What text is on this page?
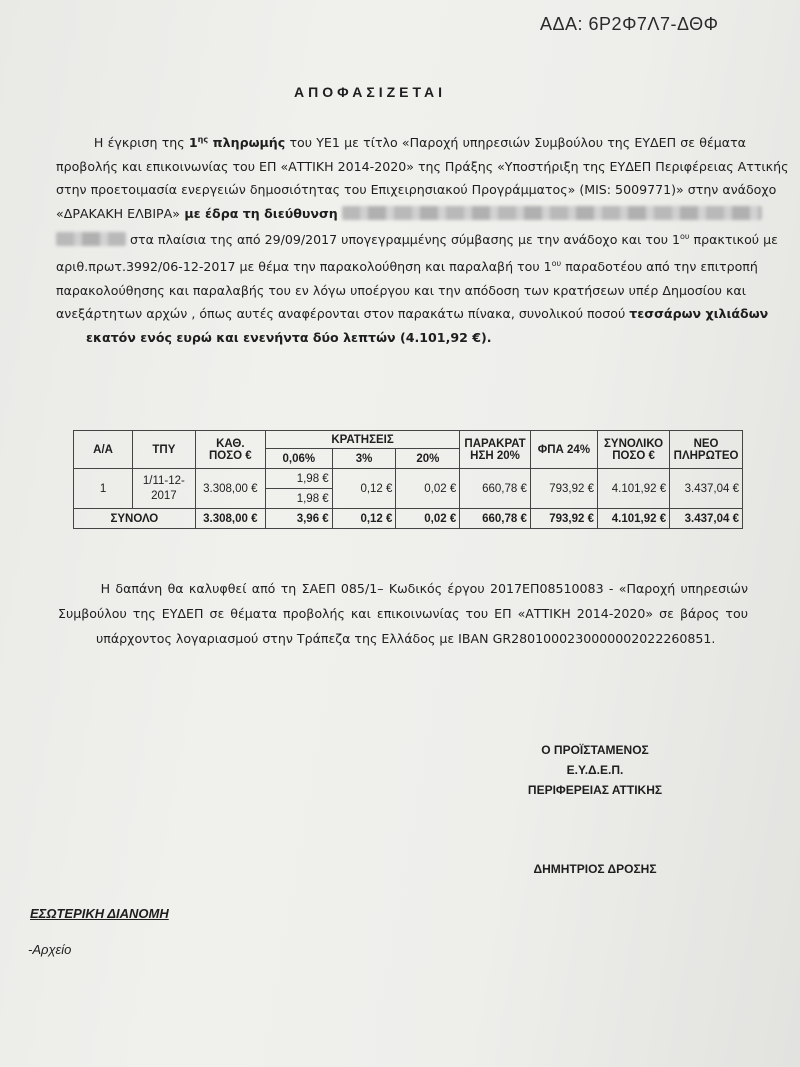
ΑΔΑ: 6Ρ2Φ7Λ7-ΔΘΦ
ΑΠΟΦΑΣΙΖΕΤΑΙ
Η έγκριση της $1^{\eta\varsigma}$ πληρωμής του ΥΕ1 με τίτλο «Παροχή υπηρεσιών Συμβούλου της ΕΥΔΕΠ σε θέματα
προβολής και επικοινωνίας του ΕΠ «ΑΤΤΙΚΗ 2014-2020» της Πράξης «Υποστήριξη της ΕΥΔΕΠ Περιφέρειας Αττικής
στην προετοιμασία ενεργειών δημοσιότητας του Επιχειρησιακού Προγράμματος» (MIS: 5009771)» στην ανάδοχο
«ΔΡΑΚΑΚΗ ΕΛΒΙΡΑ» με έδρα τη διεύθυνση
στα πλαίσια της από 29/09/2017 υπογεγραμμένης σύμβασης με την ανάδοχο και του $1^{o\upsilon}$ πρακτικού με
αριθ.πρωτ.3992/06-12-2017 με θέμα την παρακολούθηση και παραλαβή του $1^{o\upsilon}$ παραδοτέου από την επιτροπή
παρακολούθησης και παραλαβής του εν λόγω υποέργου και την απόδοση των κρατήσεων υπέρ Δημοσίου και
ανεξάρτητων αρχών , όπως αυτές αναφέρονται στον παρακάτω πίνακα, συνολικού ποσού τεσσάρων χιλιάδων
εκατόν ενός ευρώ και ενενήντα δύο λεπτών (4.101,92 €).
Α/Α	ΤΠΥ	ΚΑΘ. ΠΟΣΟ €	ΚΡΑΤΗΣΕΙΣ			ΠΑΡΑΚΡΑΤ ΗΣΗ 20%	ΦΠΑ 24%	ΣΥΝΟΛΙΚΟ ΠΟΣΟ €	ΝΕΟ ΠΛΗΡΩΤΕΟ
			0,06%	3%	20%				
1	1/11-12-2017	3.308,00 €	1,98 €	0,12 €	0,02 €	660,78 €	793,92 €	4.101,92 €	3.437,04 €
			1,98 €						
ΣΥΝΟΛΟ		3.308,00 €	3,96 €	0,12 €	0,02 €	660,78 €	793,92 €	4.101,92 €	3.437,04 €
Η δαπάνη θα καλυφθεί από τη ΣΑΕΠ 085/1– Κωδικός έργου 2017ΕΠ08510083 - «Παροχή υπηρεσιών
Συμβούλου της ΕΥΔΕΠ σε θέματα προβολής και επικοινωνίας του ΕΠ «ΑΤΤΙΚΗ 2014-2020» σε βάρος του
υπάρχοντος λογαριασμού στην Τράπεζα της Ελλάδος με IBAN GR2801000230000002022260851.
Ο ΠΡΟΪΣΤΑΜΕΝΟΣ
Ε.Υ.Δ.Ε.Π.
ΠΕΡΙΦΕΡΕΙΑΣ ΑΤΤΙΚΗΣ
ΔΗΜΗΤΡΙΟΣ ΔΡΟΣΗΣ
ΕΣΩΤΕΡΙΚΗ ΔΙΑΝΟΜΗ
-Αρχείο
